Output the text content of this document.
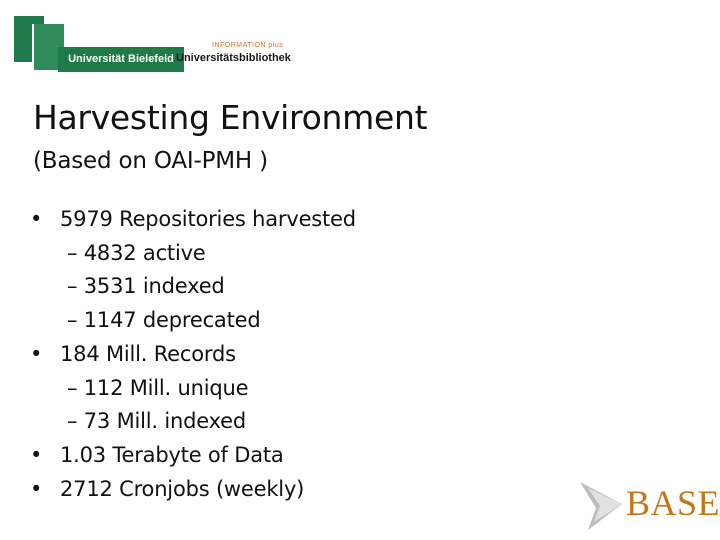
Universität Bielefeld
INFORMATION.plus
Universitätsbibliothek
Harvesting Environment
(Based on OAI-PMH )
• 5979 Repositories harvested
– 4832 active
– 3531 indexed
– 1147 deprecated
• 184 Mill. Records
– 112 Mill. unique
– 73 Mill. indexed
• 1.03 Terabyte of Data
• 2712 Cronjobs (weekly)	BASE
